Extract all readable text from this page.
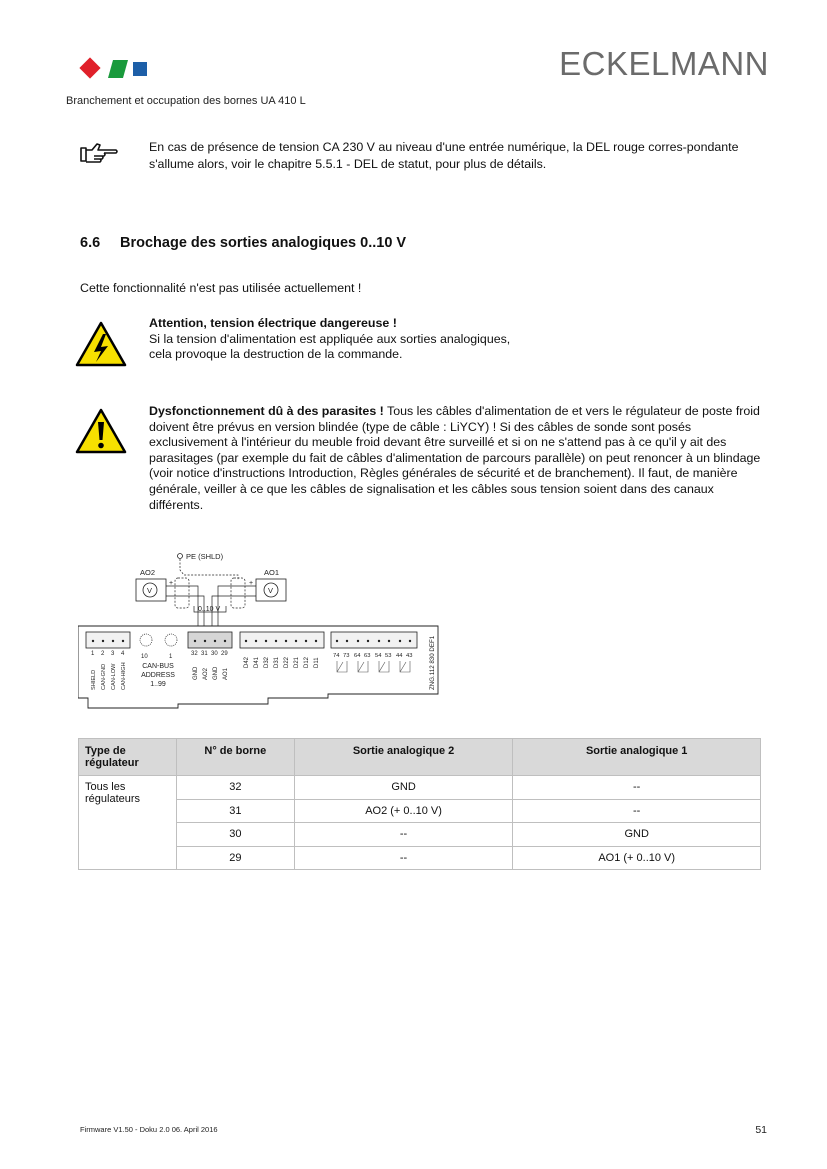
ECKELMANN
Branchement et occupation des bornes UA 410 L
En cas de présence de tension CA 230 V au niveau d'une entrée numérique, la DEL rouge corres-pondante s'allume alors, voir le chapitre 5.5.1 - DEL de statut, pour plus de détails.
6.6 Brochage des sorties analogiques 0..10 V
Cette fonctionnalité n'est pas utilisée actuellement !
Attention, tension électrique dangereuse !
Si la tension d'alimentation est appliquée aux sorties analogiques,
cela provoque la destruction de la commande.
Dysfonctionnement dû à des parasites ! Tous les câbles d'alimentation de et vers le régulateur de poste froid doivent être prévus en version blindée (type de câble : LiYCY) ! Si des câbles de sonde sont posés exclusivement à l'intérieur du meuble froid devant être surveillé et si on ne s'attend pas à ce qu'il y ait des parasitages (par exemple du fait de câbles d'alimentation de parcours parallèle) on peut renoncer à un blindage (voir notice d'instructions Introduction, Règles générales de sécurité et de branchement). Il faut, de manière générale, veiller à ce que les câbles de signalisation et les câbles sous tension soient dans des canaux différents.
PE (SHLD)
AO2	AO1
V	V
+	+
0..10 V
1 2 3 4
SHIELD CAN-GND CAN-LOW CAN-HIGH
10	1
CAN-BUS
ADDRESS
1..99
32 31 30 29
GND AO2 GND AO1
D42 D41 D32 D31 D22 D21 D12 D11
74 73 64 63 54 53 44 43	ZNG.112 830 DEF1
Type de régulateur	N° de borne	Sortie analogique 2	Sortie analogique 1
Tous les régulateurs	32	GND	--
	31	AO2 (+ 0..10 V)	--
	30	--	GND
	29	--	AO1 (+ 0..10 V)
Firmware V1.50 - Doku 2.0 06. April 2016	51
